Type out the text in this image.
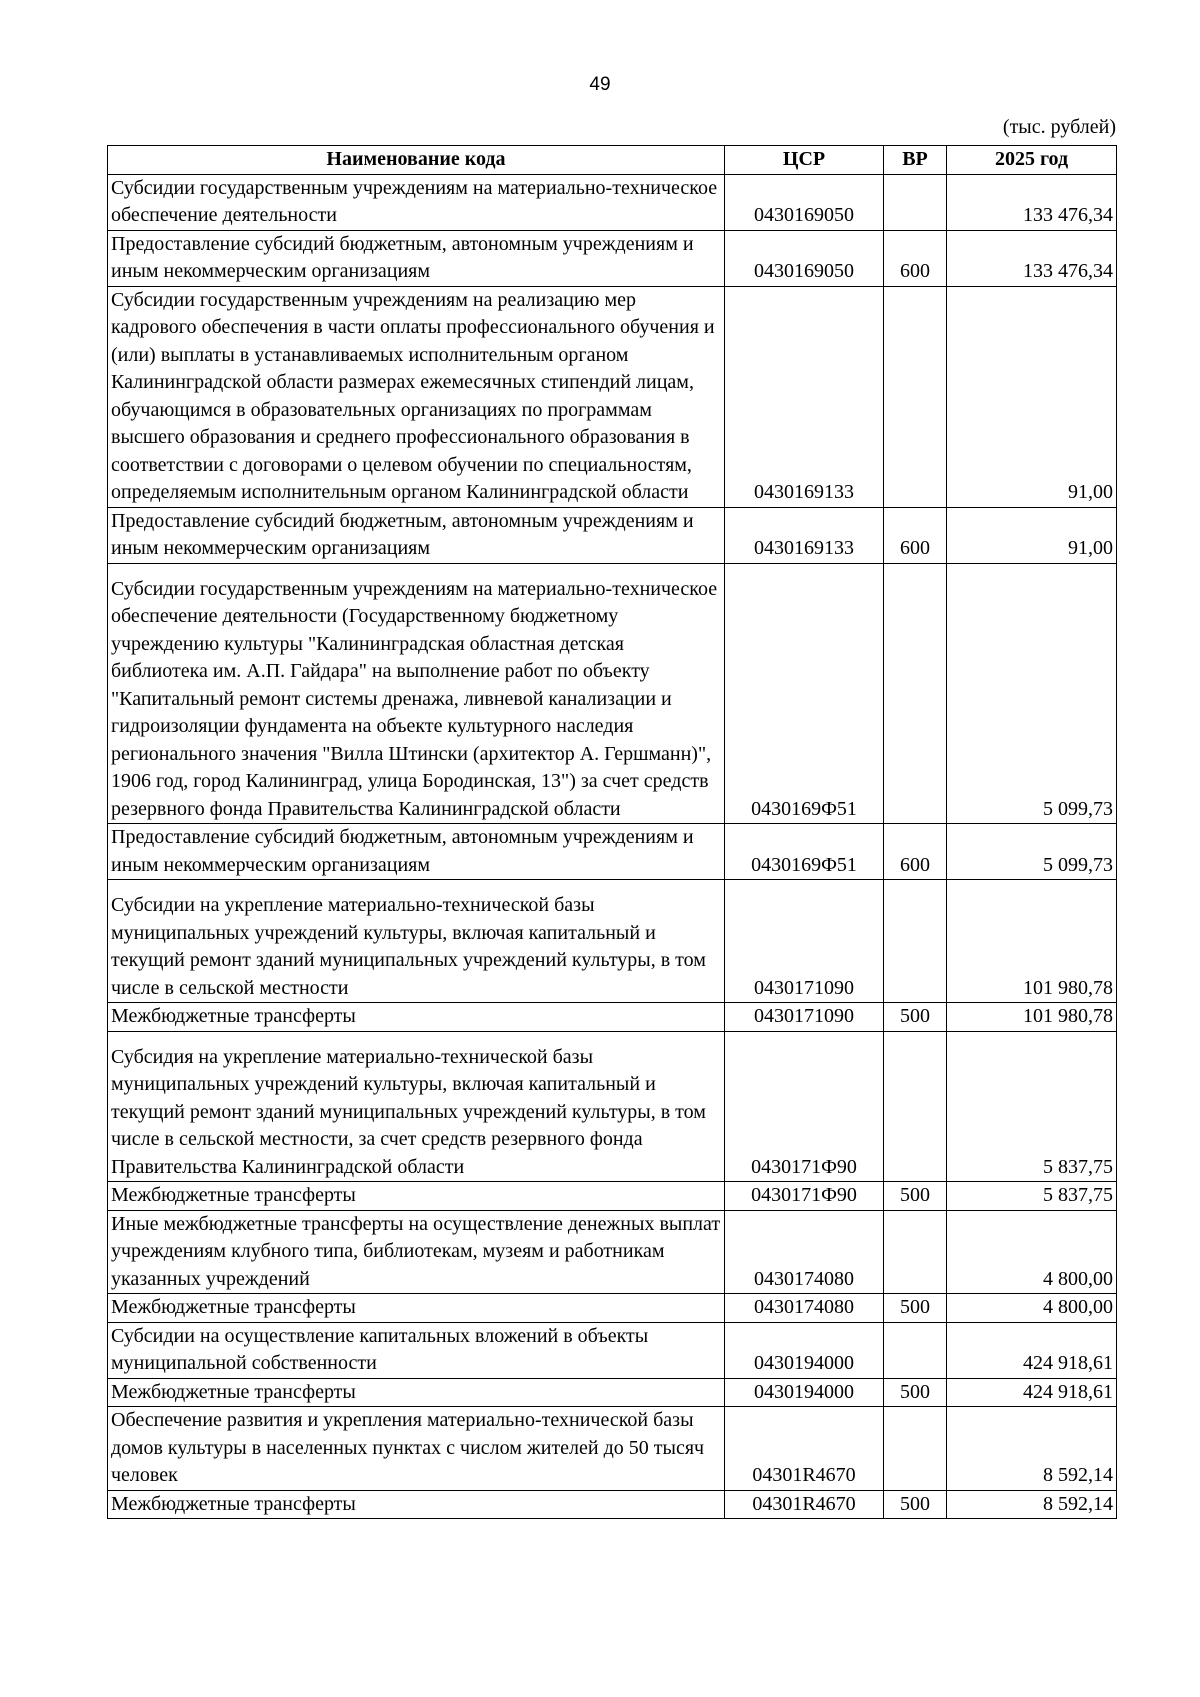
49
(тыс. рублей)
Наименование кода	ЦСР	ВР	2025 год
Субсидии государственным учреждениям на материально-техническое обеспечение деятельности	0430169050		133 476,34
Предоставление субсидий бюджетным, автономным учреждениям и иным некоммерческим организациям	0430169050	600	133 476,34
Субсидии государственным учреждениям на реализацию мер кадрового обеспечения в части оплаты профессионального обучения и (или) выплаты в устанавливаемых исполнительным органом Калининградской области размерах ежемесячных стипендий лицам, обучающимся в образовательных организациях по программам высшего образования и среднего профессионального образования в соответствии с договорами о целевом обучении по специальностям, определяемым исполнительным органом Калининградской области	0430169133		91,00
Предоставление субсидий бюджетным, автономным учреждениям и иным некоммерческим организациям	0430169133	600	91,00
Субсидии государственным учреждениям на материально-техническое обеспечение деятельности (Государственному бюджетному учреждению культуры "Калининградская областная детская библиотека им. А.П. Гайдара" на выполнение работ по объекту "Капитальный ремонт системы дренажа, ливневой канализации и гидроизоляции фундамента на объекте культурного наследия регионального значения "Вилла Штински (архитектор А. Гершманн)", 1906 год, город Калининград, улица Бородинская, 13") за счет средств резервного фонда Правительства Калининградской области	0430169Ф51		5 099,73
Предоставление субсидий бюджетным, автономным учреждениям и иным некоммерческим организациям	0430169Ф51	600	5 099,73
Субсидии на укрепление материально-технической базы муниципальных учреждений культуры, включая капитальный и текущий ремонт зданий муниципальных учреждений культуры, в том числе в сельской местности	0430171090		101 980,78
Межбюджетные трансферты	0430171090	500	101 980,78
Субсидия на укрепление материально-технической базы муниципальных учреждений культуры, включая капитальный и текущий ремонт зданий муниципальных учреждений культуры, в том числе в сельской местности, за счет средств резервного фонда Правительства Калининградской области	0430171Ф90		5 837,75
Межбюджетные трансферты	0430171Ф90	500	5 837,75
Иные межбюджетные трансферты на осуществление денежных выплат учреждениям клубного типа, библиотекам, музеям и работникам указанных учреждений	0430174080		4 800,00
Межбюджетные трансферты	0430174080	500	4 800,00
Субсидии на осуществление капитальных вложений в объекты муниципальной собственности	0430194000		424 918,61
Межбюджетные трансферты	0430194000	500	424 918,61
Обеспечение развития и укрепления материально-технической базы домов культуры в населенных пунктах с числом жителей до 50 тысяч человек	04301R4670		8 592,14
Межбюджетные трансферты	04301R4670	500	8 592,14
